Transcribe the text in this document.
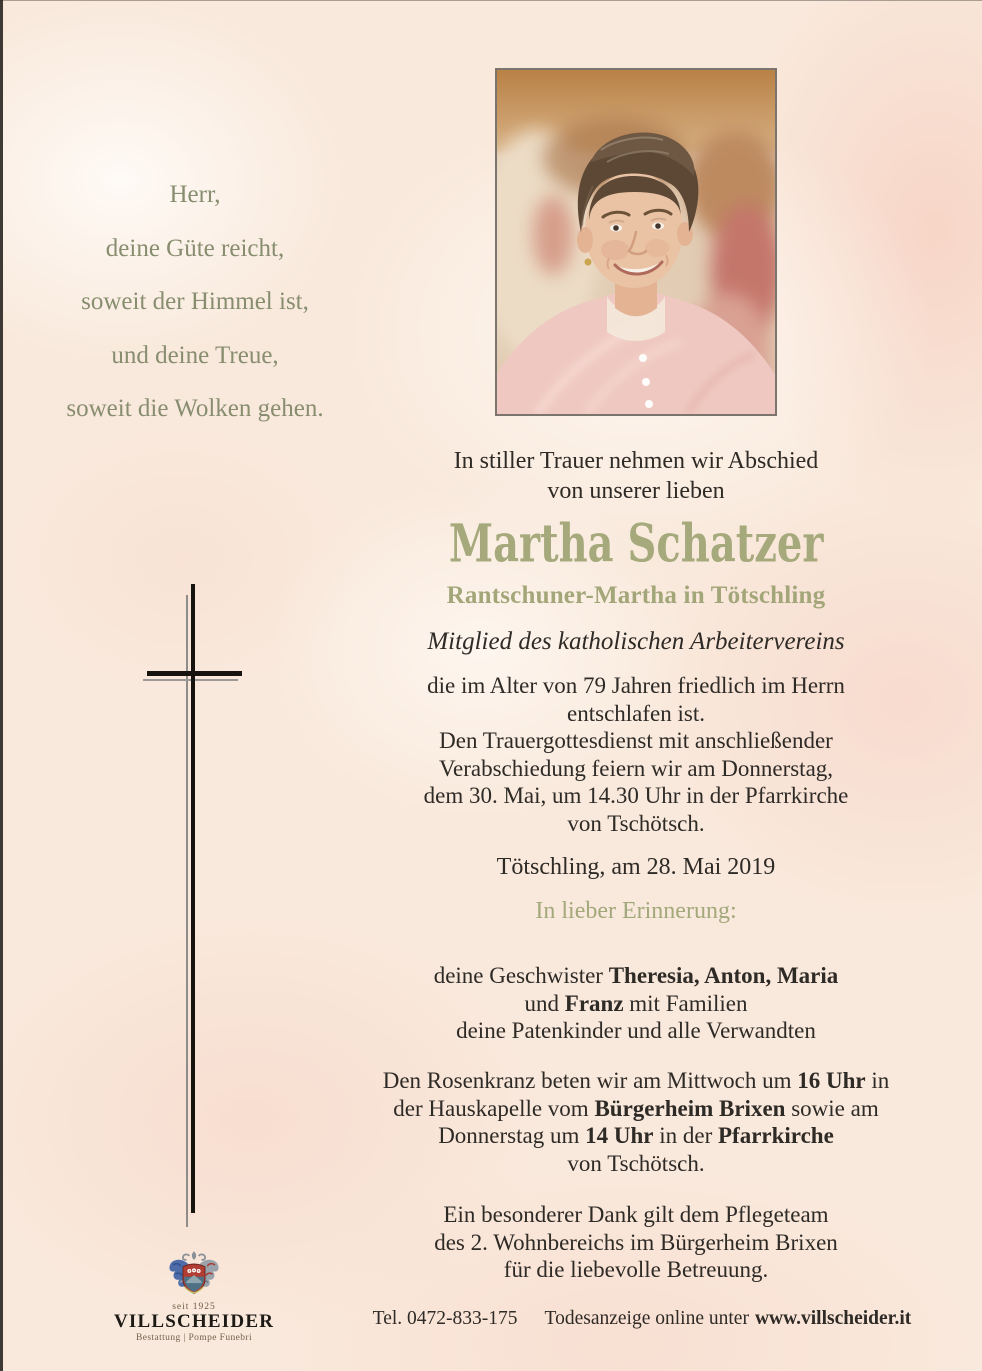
Herr,
deine Güte reicht,
soweit der Himmel ist,
und deine Treue,
soweit die Wolken gehen.
In stiller Trauer nehmen wir Abschied
von unserer lieben
Martha Schatzer
Rantschuner-Martha in Tötschling
Mitglied des katholischen Arbeitervereins
die im Alter von 79 Jahren friedlich im Herrn
entschlafen ist.
Den Trauergottesdienst mit anschließender
Verabschiedung feiern wir am Donnerstag,
dem 30. Mai, um 14.30 Uhr in der Pfarrkirche
von Tschötsch.
Tötschling, am 28. Mai 2019
In lieber Erinnerung:
deine Geschwister Theresia, Anton, Maria
und Franz mit Familien
deine Patenkinder und alle Verwandten
Den Rosenkranz beten wir am Mittwoch um 16 Uhr in
der Hauskapelle vom Bürgerheim Brixen sowie am
Donnerstag um 14 Uhr in der Pfarrkirche
von Tschötsch.
Ein besonderer Dank gilt dem Pflegeteam
des 2. Wohnbereichs im Bürgerheim Brixen
für die liebevolle Betreuung.
seit 1925
VILLSCHEIDER
Bestattung | Pompe Funebri
Tel. 0472-833-175 Todesanzeige online unter www.villscheider.it
